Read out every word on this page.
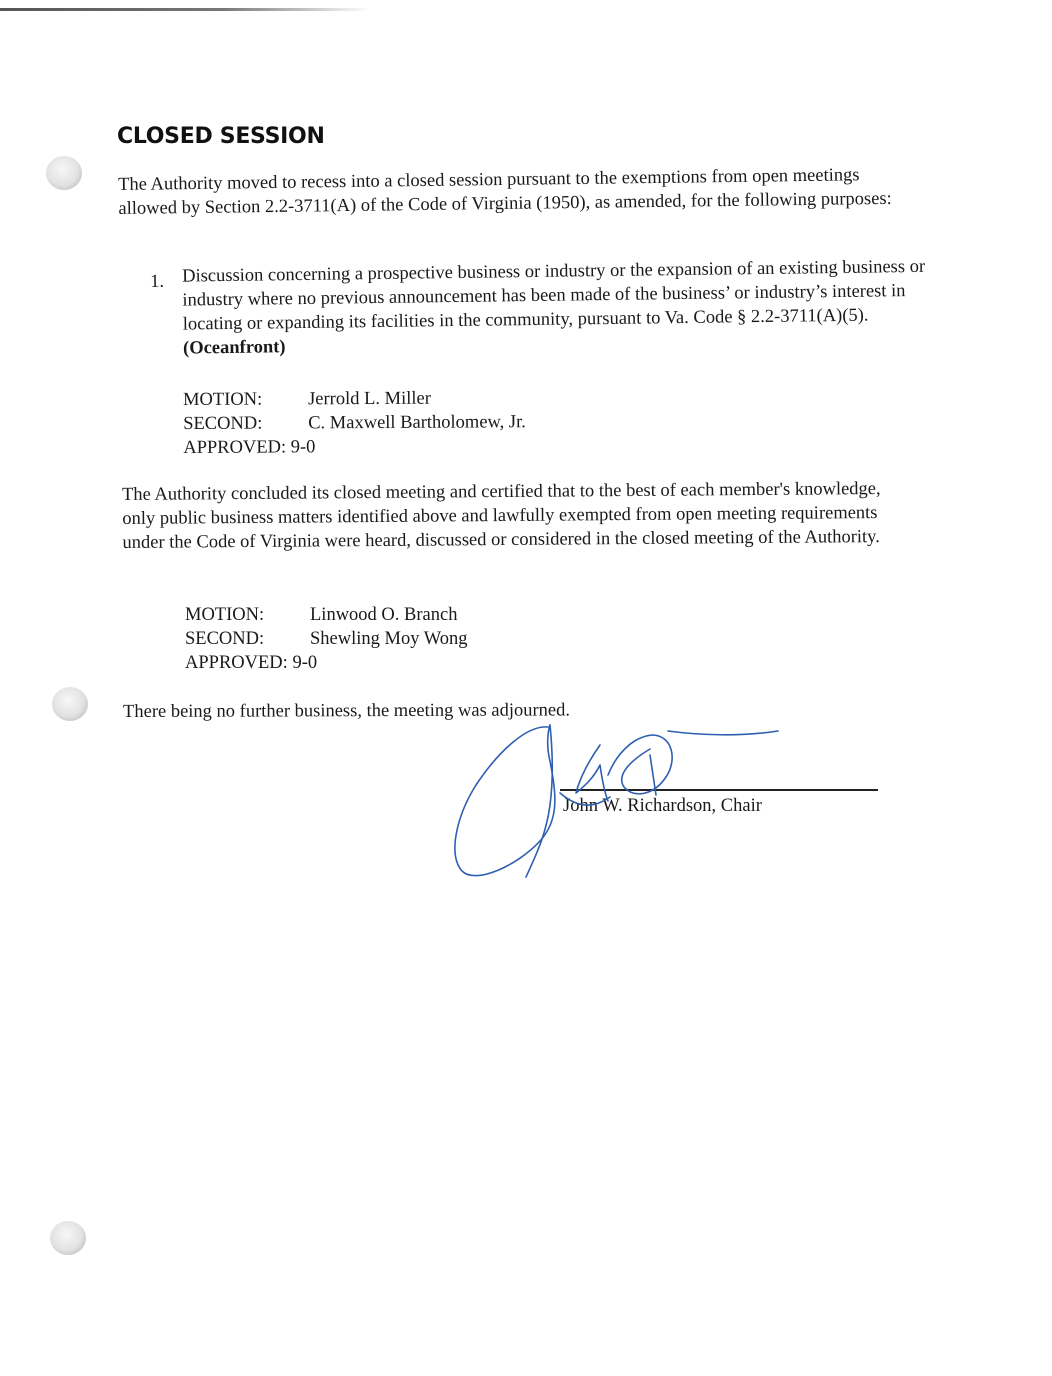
CLOSED SESSION

The Authority moved to recess into a closed session pursuant to the exemptions from open meetings allowed by Section 2.2-3711(A) of the Code of Virginia (1950), as amended, for the following purposes:

1. Discussion concerning a prospective business or industry or the expansion of an existing business or industry where no previous announcement has been made of the business’ or industry’s interest in locating or expanding its facilities in the community, pursuant to Va. Code § 2.2-3711(A)(5). (Oceanfront)
MOTION: Jerrold L. Miller
SECOND: C. Maxwell Bartholomew, Jr.
APPROVED: 9-0

The Authority concluded its closed meeting and certified that to the best of each member's knowledge, only public business matters identified above and lawfully exempted from open meeting requirements under the Code of Virginia were heard, discussed or considered in the closed meeting of the Authority.

MOTION: Linwood O. Branch
SECOND: Shewling Moy Wong
APPROVED: 9-0

There being no further business, the meeting was adjourned.

John W. Richardson, Chair
